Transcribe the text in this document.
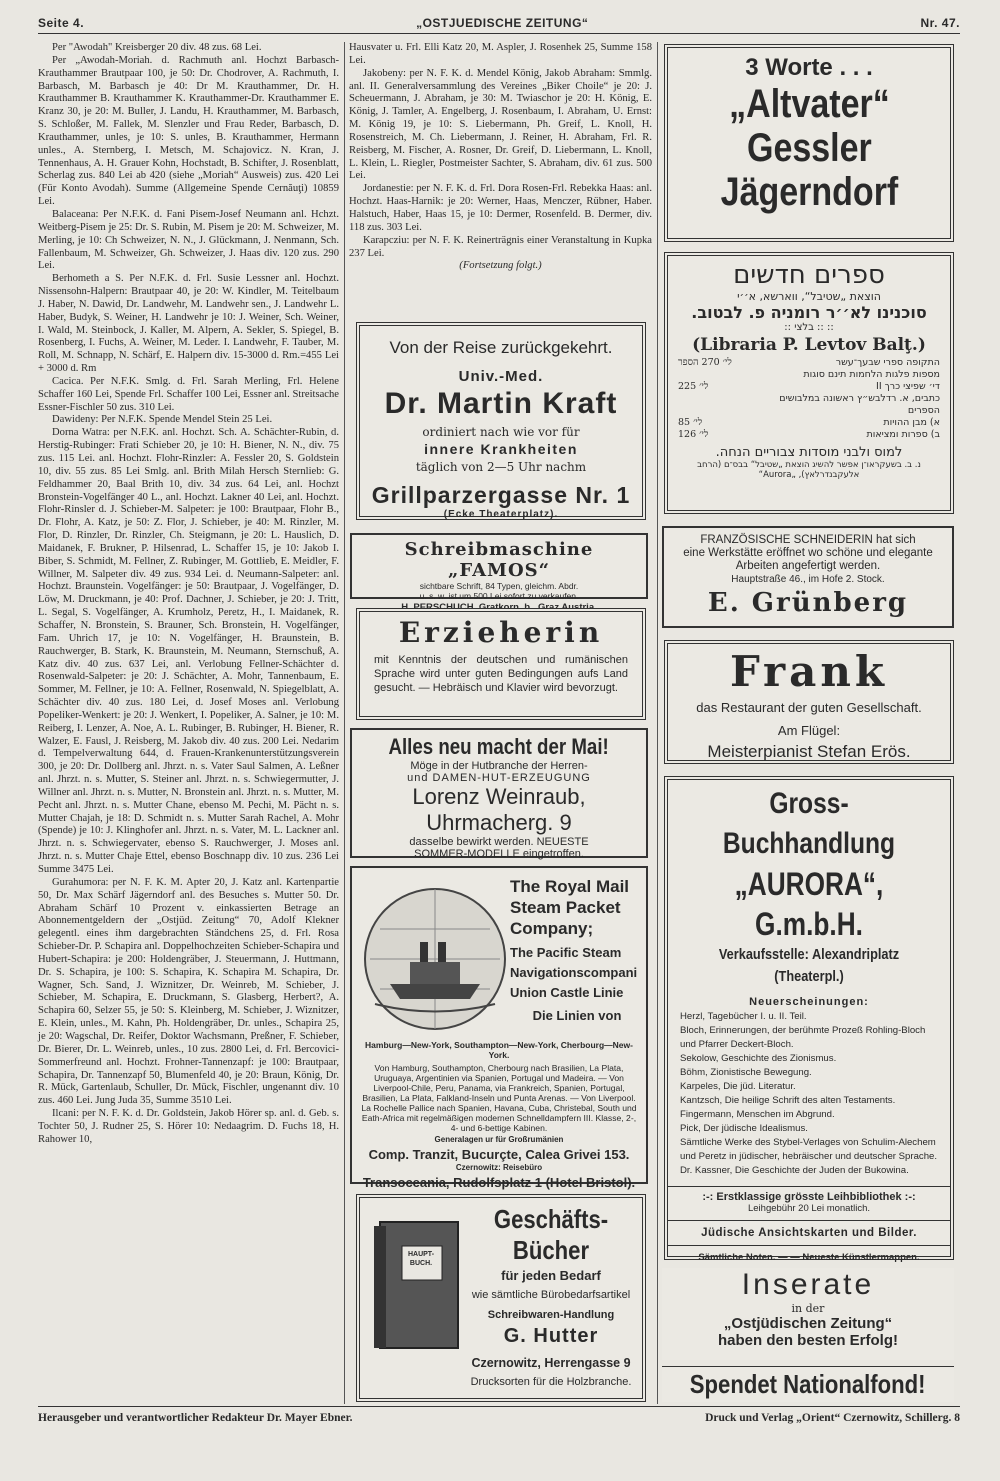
Seite 4.	„OSTJUEDISCHE ZEITUNG“	Nr. 47.

Per "Awodah" Kreisberger 20 div. 48 zus. 68 Lei.

Per „Awodah-Moriah. d. Rachmuth anl. Hochzt Barbasch-Krauthammer Brautpaar 100, je 50: Dr. Chodrover, A. Rachmuth, I. Barbasch, M. Barbasch je 40: Dr M. Krauthammer, Dr. H. Krauthammer B. Krauthammer K. Krauthammer-Dr. Krauthammer E. Kranz 30, je 20: M. Buller, J. Landu, H. Krauthammer, M. Barbasch, S. Schloßer, M. Fallek, M. Slenzler und Frau Reder, Barbasch, D. Krauthammer, unles, je 10: S. unles, B. Krauthammer, Hermann unles., A. Sternberg, I. Metsch, M. Schajovicz. N. Kran, J. Tennenhaus, A. H. Grauer Kohn, Hochstadt, B. Schifter, J. Rosenblatt, Scherlag zus. 840 Lei ab 420 (siehe „Moriah“ Ausweis) zus. 420 Lei (Für Konto Avodah). Summe (Allgemeine Spende Cernăuţi) 10859 Lei.

Balaceana: Per N.F.K. d. Fani Pisem-Josef Neumann anl. Hchzt. Weitberg-Pisem je 25: Dr. S. Rubin, M. Pisem je 20: M. Schweizer, M. Merling, je 10: Ch Schweizer, N. N., J. Glückmann, J. Nenmann, Sch. Fallenbaum, M. Schweizer, Gh. Schweizer, J. Haas div. 120 zus. 290 Lei.

Berhometh a S. Per N.F.K. d. Frl. Susie Lessner anl. Hochzt. Nissensohn-Halpern: Brautpaar 40, je 20: W. Kindler, M. Teitelbaum J. Haber, N. Dawid, Dr. Landwehr, M. Landwehr sen., J. Landwehr L. Haber, Budyk, S. Weiner, H. Landwehr je 10: J. Weiner, Sch. Weiner, I. Wald, M. Steinbock, J. Kaller, M. Alpern, A. Sekler, S. Spiegel, B. Rosenberg, I. Fuchs, A. Weiner, M. Leder. I. Landwehr, F. Tauber, M. Roll, M. Schnapp, N. Schärf, E. Halpern div. 15-3000 d. Rm.=455 Lei + 3000 d. Rm

Cacica. Per N.F.K. Smlg. d. Frl. Sarah Merling, Frl. Helene Schaffer 160 Lei, Spende Frl. Schaffer 100 Lei, Essner anl. Streitsache Essner-Fischler 50 zus. 310 Lei.

Dawideny: Per N.F.K. Spende Mendel Stein 25 Lei.

Dorna Watra: per N.F.K. anl. Hochzt. Sch. A. Schächter-Rubin, d. Herstig-Rubinger: Frati Schieber 20, je 10: H. Biener, N. N., div. 75 zus. 115 Lei. anl. Hochzt. Flohr-Rinzler: A. Fessler 20, S. Goldstein 10, div. 55 zus. 85 Lei Smlg. anl. Brith Milah Hersch Sternlieb: G. Feldhammer 20, Baal Brith 10, div. 34 zus. 64 Lei, anl. Hochzt Bronstein-Vogelfänger 40 L., anl. Hochzt. Lakner 40 Lei, anl. Hochzt. Flohr-Rinsler d. J. Schieber-M. Salpeter: je 100: Brautpaar, Flohr B., Dr. Flohr, A. Katz, je 50: Z. Flor, J. Schieber, je 40: M. Rinzler, M. Flor, D. Rinzler, Dr. Rinzler, Ch. Steigmann, je 20: L. Hauslich, D. Maidanek, F. Brukner, P. Hilsenrad, L. Schaffer 15, je 10: Jakob I. Biber, S. Schmidt, M. Fellner, Z. Rubinger, M. Gottlieb, E. Meidler, F. Willner, M. Salpeter div. 49 zus. 934 Lei. d. Neumann-Salpeter: anl. Hochzt. Braunstein. Vogelfänger: je 50: Brautpaar, J. Vogelfänger, D. Löw, M. Druckmann, je 40: Prof. Dachner, J. Schieber, je 20: J. Tritt, L. Segal, S. Vogelfänger, A. Krumholz, Peretz, H., I. Maidanek, R. Schaffer, N. Bronstein, S. Brauner, Sch. Bronstein, H. Vogelfänger, Fam. Uhrich 17, je 10: N. Vogelfänger, H. Braunstein, B. Rauchwerger, B. Stark, K. Braunstein, M. Neumann, Sternschuß, A. Katz div. 40 zus. 637 Lei, anl. Verlobung Fellner-Schächter d. Rosenwald-Salpeter: je 20: J. Schächter, A. Mohr, Tannenbaum, E. Sommer, M. Fellner, je 10: A. Fellner, Rosenwald, N. Spiegelblatt, A. Schächter div. 40 zus. 180 Lei, d. Josef Moses anl. Verlobung Popeliker-Wenkert: je 20: J. Wenkert, I. Popeliker, A. Salner, je 10: M. Reiberg, I. Lenzer, A. Noe, A. L. Rubinger, B. Rubinger, H. Biener, R. Walzer, E. Fausl, J. Reisberg, M. Jakob div. 40 zus. 200 Lei. Nedarim d. Tempelverwaltung 644, d. Frauen-Krankenunterstützungsverein 300, je 20: Dr. Dollberg anl. Jhrzt. n. s. Vater Saul Salmen, A. Leßner anl. Jhrzt. n. s. Mutter, S. Steiner anl. Jhrzt. n. s. Schwiegermutter, J. Willner anl. Jhrzt. n. s. Mutter, N. Bronstein anl. Jhrzt. n. s. Mutter, M. Pecht anl. Jhrzt. n. s. Mutter Chane, ebenso M. Pechi, M. Pächt n. s. Mutter Chajah, je 18: D. Schmidt n. s. Mutter Sarah Rachel, A. Mohr (Spende) je 10: J. Klinghofer anl. Jhrzt. n. s. Vater, M. L. Lackner anl. Jhrzt. n. s. Schwiegervater, ebenso S. Rauchwerger, J. Moses anl. Jhrzt. n. s. Mutter Chaje Ettel, ebenso Boschnapp div. 10 zus. 236 Lei Summe 3475 Lei.

Gurahumora: per N. F. K. M. Apter 20, J. Katz anl. Kartenpartie 50, Dr. Max Schärf Jägerndorf anl. des Besuches s. Mutter 50. Dr. Abraham Schärf 10 Prozent v. einkassierten Betrage an Abonnementgeldern der „Ostjüd. Zeitung“ 70, Adolf Klekner gelegentl. eines ihm dargebrachten Ständchens 25, d. Frl. Rosa Schieber-Dr. P. Schapira anl. Doppelhochzeiten Schieber-Schapira und Hubert-Schapira: je 200: Holdengräber, J. Steuermann, J. Huttmann, Dr. S. Schapira, je 100: S. Schapira, K. Schapira M. Schapira, Dr. Wagner, Sch. Sand, J. Wiznitzer, Dr. Weinreb, M. Schieber, J. Schieber, M. Schapira, E. Druckmann, S. Glasberg, Herbert?, A. Schapira 60, Selzer 55, je 50: S. Kleinberg, M. Schieber, J. Wiznitzer, E. Klein, unles., M. Kahn, Ph. Holdengräber, Dr. unles., Schapira 25, je 20: Wagschal, Dr. Reifer, Doktor Wachsmann, Preßner, F. Schieber, Dr. Bierer, Dr. L. Weinreb, unles., 10 zus. 2800 Lei, d. Frl. Bercovici-Sommerfreund anl. Hochzt. Frohner-Tannenzapf: je 100: Brautpaar, Schapira, Dr. Tannenzapf 50, Blumenfeld 40, je 20: Braun, König, Dr. R. Mück, Gartenlaub, Schuller, Dr. Mück, Fischler, ungenannt div. 10 zus. 460 Lei. Jung Juda 35, Summe 3510 Lei.

Ilcani: per N. F. K. d. Dr. Goldstein, Jakob Hörer sp. anl. d. Geb. s. Tochter 50, J. Rudner 25, S. Hörer 10: Nedaagrim. D. Fuchs 18, H. Rahower 10,

Hausvater u. Frl. Elli Katz 20, M. Aspler, J. Rosenhek 25, Summe 158 Lei.

Jakobeny: per N. F. K. d. Mendel König, Jakob Abraham: Smmlg. anl. II. Generalversammlung des Vereines „Biker Choile“ je 20: J. Scheuermann, J. Abraham, je 30: M. Twiaschor je 20: H. König, E. König, J. Tamler, A. Engelberg, J. Rosenbaum, I. Abraham, U. Ernst: M. König 19, je 10: S. Liebermann, Ph. Greif, L. Knoll, H. Rosenstreich, M. Ch. Liebermann, J. Reiner, H. Abraham, Frl. R. Reisberg, M. Fischer, A. Rosner, Dr. Greif, D. Liebermann, L. Knoll, L. Klein, L. Riegler, Postmeister Sachter, S. Abraham, div. 61 zus. 500 Lei.

Jordanestie: per N. F. K. d. Frl. Dora Rosen-Frl. Rebekka Haas: anl. Hochzt. Haas-Harnik: je 20: Werner, Haas, Menczer, Rübner, Haber. Halstuch, Haber, Haas 15, je 10: Dermer, Rosenfeld. B. Dermer, div. 118 zus. 303 Lei.

Karapcziu: per N. F. K. Reinerträgnis einer Veranstaltung in Kupka 237 Lei.

(Fortsetzung folgt.)

Von der Reise zurückgekehrt.
Univ.-Med.
Dr. Martin Kraft
ordiniert nach wie vor für
innere Krankheiten
täglich von 2—5 Uhr nachm
Grillparzergasse Nr. 1
(Ecke Theaterplatz).
Schreibmaschine „FAMOS“
sichtbare Schrift, 84 Typen, gleichm. Abdr.
u. s. w. ist um 500 Lei sofort zu verkaufen.
Erzieherin
mit Kenntnis der deutschen und rumänischen Sprache wird unter guten Bedingungen aufs Land gesucht. — Hebräisch und Klavier wird bevorzugt.
Alles neu macht der Mai!
Möge in der Hutbranche der Herren-
und DAMEN-HUT-ERZEUGUNG
Lorenz Weinraub, Uhrmacherg. 9
dasselbe bewirkt werden. NEUESTE
SOMMER-MODELLE eingetroffen.
The Royal Mail
Steam Packet
Company;
The Pacific Steam
Navigationscompani
Union Castle Linie
Die Linien von
Hamburg—New-York, Southampton—New-York, Cherbourg—New-York.
Von Hamburg, Southampton, Cherbourg nach Brasilien, La Plata, Uruguaya, Argentinien via Spanien, Portugal und Madeira. — Von Liverpool-Chile, Peru, Panama, via Frankreich, Spanien, Portugal, Brasilien, La Plata, Falkland-Inseln und Punta Arenas. — Von Liverpool. La Rochelle Pallice nach Spanien, Havana, Cuba, Christebal, South und Eath-Africa mit regelmäßigen modernen Schnelldampfern III. Klasse, 2-, 4- und 6-bettige Kabinen.
Generalagen ur für Großrumänien
Comp. Tranzit, Bucurçte, Calea Grivei 153.
Czernowitz: Reisebüro
Transoceania, Rudolfsplatz 1 (Hotel Bristol).
HAUPT-BUCH.
Geschäfts-Bücher
für jeden Bedarf
wie sämtliche Bürobedarfsartikel
Schreibwaren-Handlung
G. Hutter
Czernowitz, Herrengasse 9
Drucksorten für die Holzbranche.
3 Worte . . .
„Altvater“
Gessler
Jägerndorf
ספרים חדשים
הוצאת „שטיבל“, ווארשא, א׳׳י
סוכנינו לא׳׳ר רומניה פ. לבטוב.
:: :: בלצי ::
(Libraria P. Levtov Balţ.)
לי׳ 270 הספר	התקופה ספרי שבעך־עשר
מספות פלגות הלחמות תינם סוגות
לי׳ 225	די׳ שפיצי כרך II
כתבים, א. רדלבש״ץ ראשונה במלבושים
הספרים
לי׳ 85	א) מבן ההויות
לי׳ 126	ב) ספרות ומציאות
למוס ולבני מוסדות צבוריים הנחה.
נ. ב. בשעקראו־ן אפשר להשיג הוצאת „שטיבל“ בבס־ם (הרחב אלעקבנדרלאץ), „Aurora“
FRANZÖSISCHE SCHNEIDERIN hat sich
eine Werkstätte eröffnet wo schöne und elegante
Arbeiten angefertigt werden.
Hauptstraße 46., im Hofe 2. Stock.
E. Grünberg
Frank
das Restaurant der guten Gesellschaft.
Am Flügel:
Meisterpianist Stefan Erös.
Gross-Buchhandlung
„AURORA“, G.m.b.H.
Verkaufsstelle: Alexandriplatz (Theaterpl.)
Neuerscheinungen:
Herzl, Tagebücher I. u. II. Teil.
Bloch, Erinnerungen, der berühmte Prozeß Rohling-Bloch und Pfarrer Deckert-Bloch.
Sekolow, Geschichte des Zionismus.
Böhm, Zionistische Bewegung.
Karpeles, Die jüd. Literatur.
Kantzsch, Die heilige Schrift des alten Testaments.
Fingermann, Menschen im Abgrund.
Pick, Der jüdische Idealismus.
Sämtliche Werke des Stybel-Verlages von Schulim-Alechem und Peretz in jüdischer, hebräischer und deutscher Sprache.
Dr. Kassner, Die Geschichte der Juden der Bukowina.
:-: Erstklassige grösste Leihbibliothek :-:
Leihgebühr 20 Lei monatlich.
Jüdische Ansichtskarten und Bilder.
Sämtliche Noten. — — Neueste Künstlermappen.
Inserate
in der
„Ostjüdischen Zeitung“
haben den besten Erfolg!
Spendet Nationalfond!
Herausgeber und verantwortlicher Redakteur Dr. Mayer Ebner.	Druck und Verlag „Orient“ Czernowitz, Schillerg. 8
